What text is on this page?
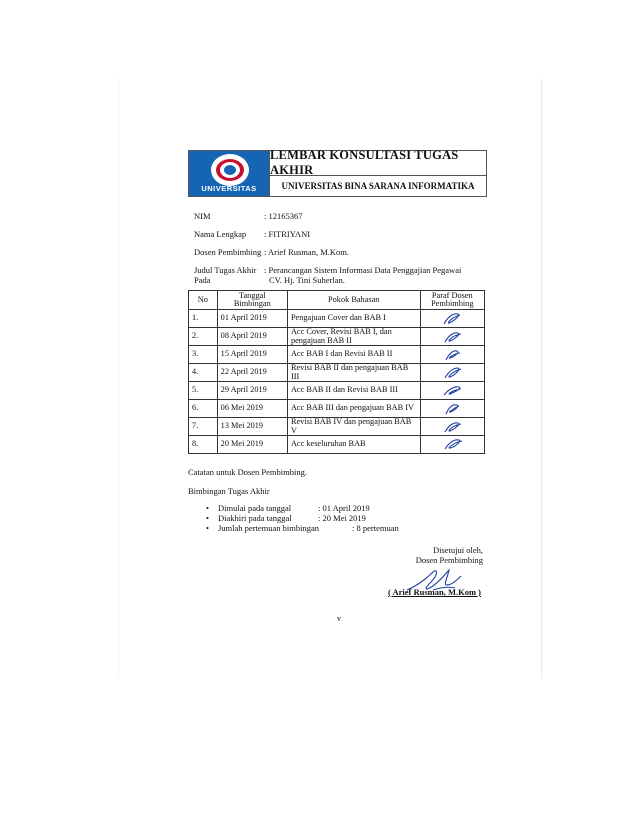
UNIVERSITAS
LEMBAR KONSULTASI TUGAS AKHIR
UNIVERSITAS BINA SARANA INFORMATIKA
NIM	: 12165367
Nama Lengkap	: FITRIYANI
Dosen Pembimbing : Arief Rusman, M.Kom.
Judul Tugas Akhir : Perancangan Sistem Informasi Data Penggajian Pegawai
Pada	CV. Hj. Tini Suherlan.
No	Tanggal Bimbingan	Pokok Bahasan	Paraf Dosen Pembimbing
1.	01 April 2019	Pengajuan Cover dan BAB I	

2.	08 April 2019	Acc Cover, Revisi BAB I, dan pengajuan BAB II	

3.	15 April 2019	Acc BAB I dan Revisi BAB II	

4.	22 April 2019	Revisi BAB II dan pengajuan BAB III	

5.	29 April 2019	Acc BAB II dan Revisi BAB III	

6.	06 Mei 2019	Acc BAB III dan pengajuan BAB IV	

7.	13 Mei 2019	Revisi BAB IV dan pengajuan BAB V	

8.	20 Mei 2019	Acc keseluruhan BAB	
Catatan untuk Dosen Pembimbing.
Bimbingan Tugas Akhir
• Dimulai pada tanggal	: 01 April 2019
• Diakhiri pada tanggal	: 20 Mei 2019
• Jumlah pertemuan bimbingan	: 8 pertemuan
Disetujui oleh,
Dosen Pembimbing
( Arief Rusman, M.Kom )
v
